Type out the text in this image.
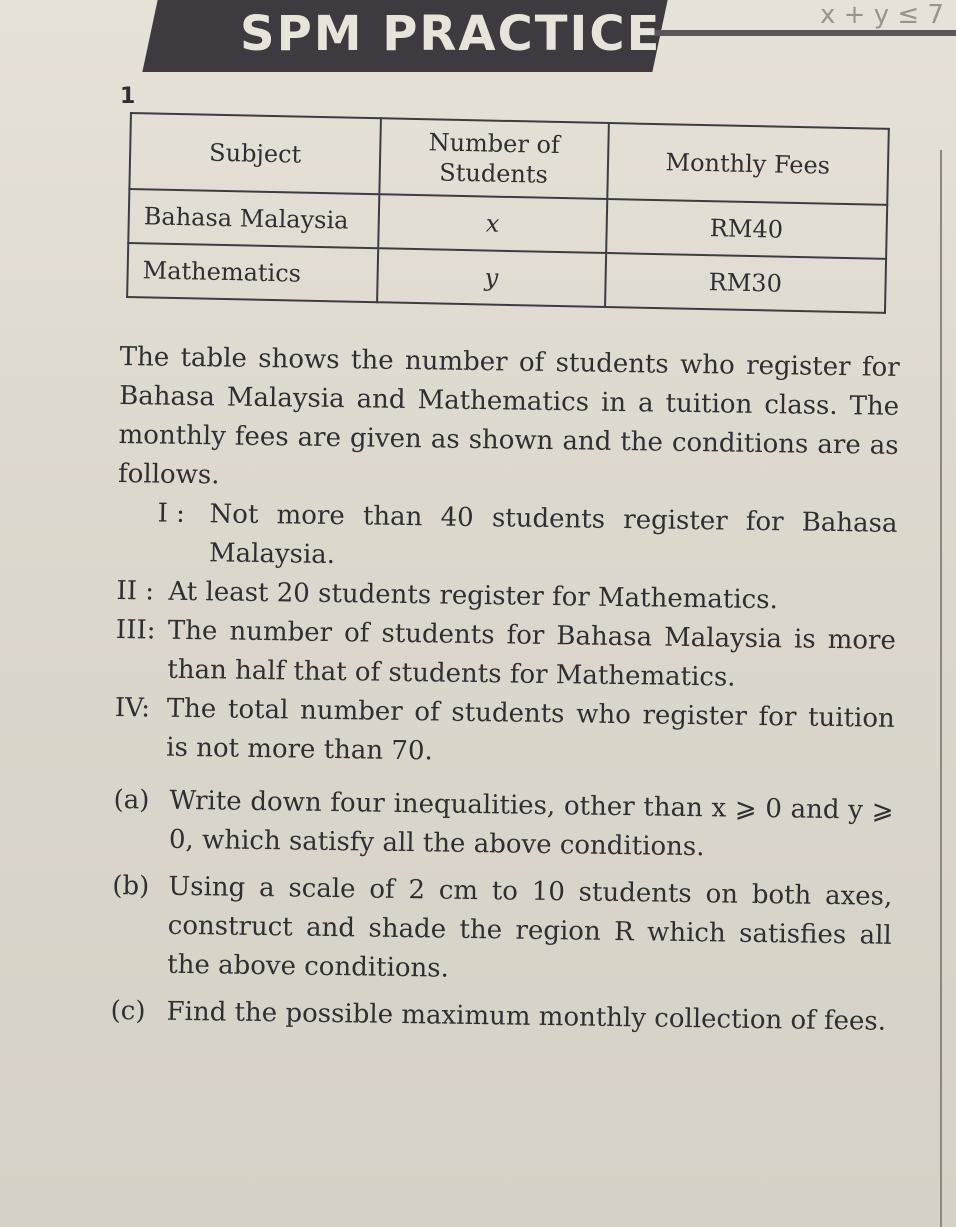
SPM PRACTICE	x + y ≤ 7
1
Subject	Number of Students	Monthly Fees
Bahasa Malaysia	x	RM40
Mathematics	y	RM30

The table shows the number of students who register for Bahasa Malaysia and Mathematics in a tuition class. The monthly fees are given as shown and the conditions are as follows.

I : Not more than 40 students register for Bahasa Malaysia.
II : At least 20 students register for Mathematics.
III: The number of students for Bahasa Malaysia is more than half that of students for Mathematics.
IV: The total number of students who register for tuition is not more than 70.
(a) Write down four inequalities, other than x ⩾ 0 and y ⩾ 0, which satisfy all the above conditions.
(b) Using a scale of 2 cm to 10 students on both axes, construct and shade the region R which satisfies all the above conditions.
(c) Find the possible maximum monthly collection of fees.
